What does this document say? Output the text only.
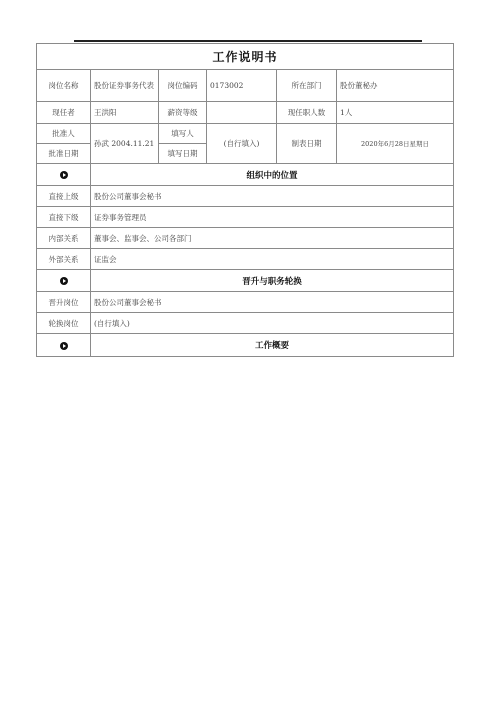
工作说明书					
岗位名称	股份证券事务代表	岗位编码	0173002	所在部门	股份董秘办
现任者	王洪阳	薪资等级		现任职人数	1人
批准人	孙武 2004.11.21	填写人	(自行填入)	制表日期	2020年6月28日星期日
批准日期		填写日期			
	组织中的位置				
直接上级	股份公司董事会秘书				
直接下级	证券事务管理员				
内部关系	董事会、监事会、公司各部门				
外部关系	证监会				
	晋升与职务轮换				
晋升岗位	股份公司董事会秘书				
轮换岗位	(自行填入)				
	工作概要				
